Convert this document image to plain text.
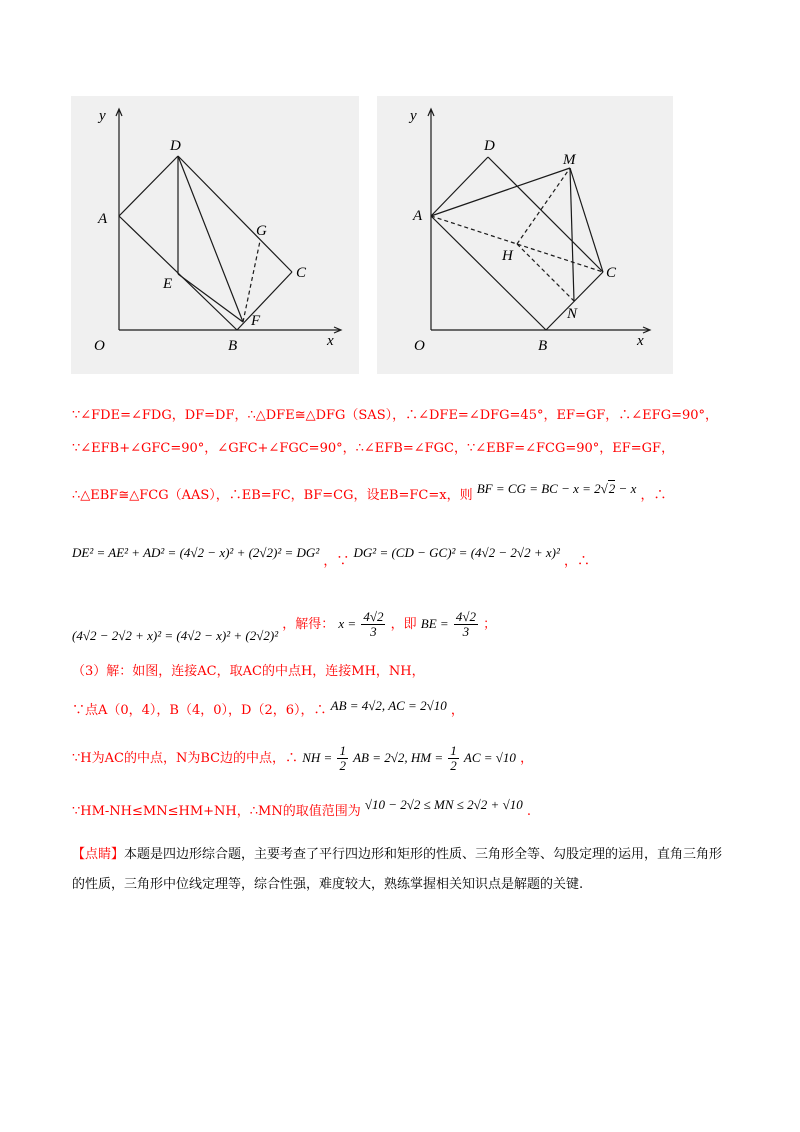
y
x
O
A
D
E
G
C
F
B
y
x
O
A
D
M
H
C
N
B
∵∠FDE=∠FDG，DF=DF，∴△DFE≅△DFG（SAS），∴∠DFE=∠DFG=45°，EF=GF，∴∠EFG=90°，
∵∠EFB+∠GFC=90°，∠GFC+∠FGC=90°，∴∠EFB=∠FGC，∵∠EBF=∠FCG=90°，EF=GF，
∴△EBF≅△FCG（AAS），∴EB=FC，BF=CG，设EB=FC=x，则 BF = CG = BC − x = 2√2 − x ，∴
DE² = AE² + AD² = (4√2 − x)² + (2√2)² = DG² ，∵ DG² = (CD − GC)² = (4√2 − 2√2 + x)² ，∴
(4√2 − 2√2 + x)² = (4√2 − x)² + (2√2)² ，解得： $x = \frac{4√2}{3}$ ，即 BE = $\frac{4√2}{3}$ ；
（3）解：如图，连接AC，取AC的中点H，连接MH，NH，
∵点A（0，4），B（4，0），D（2，6），∴ AB = 4√2, AC = 2√10 ，
∵H为AC的中点，N为BC边的中点，∴ NH = $\frac{1}{2}$ AB = 2√2, HM = $\frac{1}{2}$ AC = √10 ，
∵HM-NH≤MN≤HM+NH，∴MN的取值范围为 √10 − 2√2 ≤ MN ≤ 2√2 + √10 .
【点睛】本题是四边形综合题，主要考查了平行四边形和矩形的性质、三角形全等、勾股定理的运用，直角三角形的性质，三角形中位线定理等，综合性强，难度较大，熟练掌握相关知识点是解题的关键.
